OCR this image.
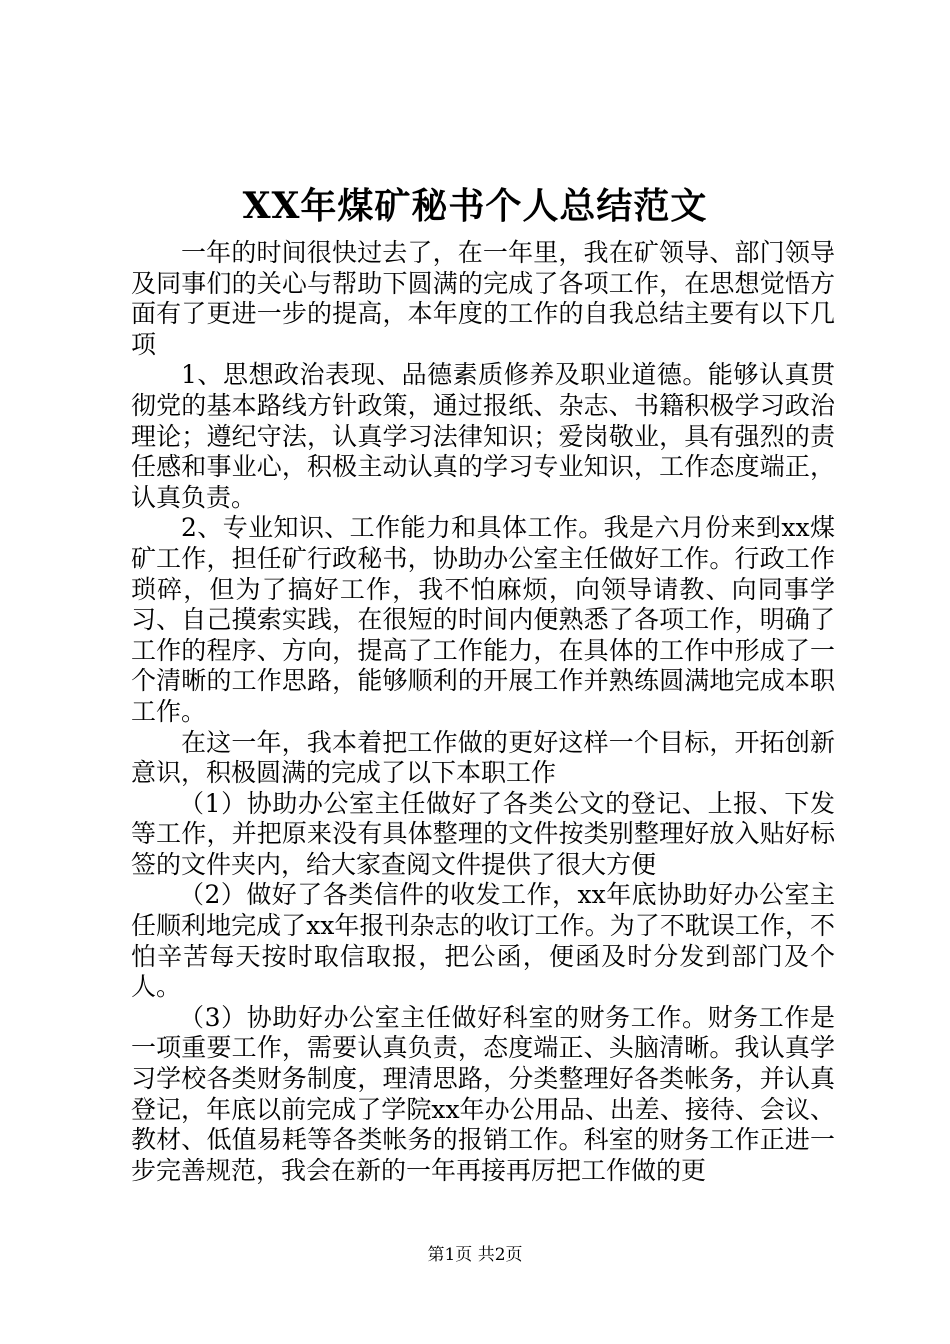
XX年煤矿秘书个人总结范文

一年的时间很快过去了，在一年里，我在矿领导、部门领导及同事们的关心与帮助下圆满的完成了各项工作，在思想觉悟方面有了更进一步的提高，本年度的工作的自我总结主要有以下几项

1、思想政治表现、品德素质修养及职业道德。能够认真贯彻党的基本路线方针政策，通过报纸、杂志、书籍积极学习政治理论；遵纪守法，认真学习法律知识；爱岗敬业，具有强烈的责任感和事业心，积极主动认真的学习专业知识，工作态度端正，认真负责。

2、专业知识、工作能力和具体工作。我是六月份来到xx煤矿工作，担任矿行政秘书，协助办公室主任做好工作。行政工作琐碎，但为了搞好工作，我不怕麻烦，向领导请教、向同事学习、自己摸索实践，在很短的时间内便熟悉了各项工作，明确了工作的程序、方向，提高了工作能力，在具体的工作中形成了一个清晰的工作思路，能够顺利的开展工作并熟练圆满地完成本职工作。

在这一年，我本着把工作做的更好这样一个目标，开拓创新意识，积极圆满的完成了以下本职工作

（1）协助办公室主任做好了各类公文的登记、上报、下发等工作，并把原来没有具体整理的文件按类别整理好放入贴好标签的文件夹内，给大家查阅文件提供了很大方便

（2）做好了各类信件的收发工作，xx年底协助好办公室主任顺利地完成了xx年报刊杂志的收订工作。为了不耽误工作，不怕辛苦每天按时取信取报，把公函，便函及时分发到部门及个人。

（3）协助好办公室主任做好科室的财务工作。财务工作是一项重要工作，需要认真负责，态度端正、头脑清晰。我认真学习学校各类财务制度，理清思路，分类整理好各类帐务，并认真登记，年底以前完成了学院xx年办公用品、出差、接待、会议、教材、低值易耗等各类帐务的报销工作。科室的财务工作正进一步完善规范，我会在新的一年再接再厉把工作做的更

第1页 共2页
